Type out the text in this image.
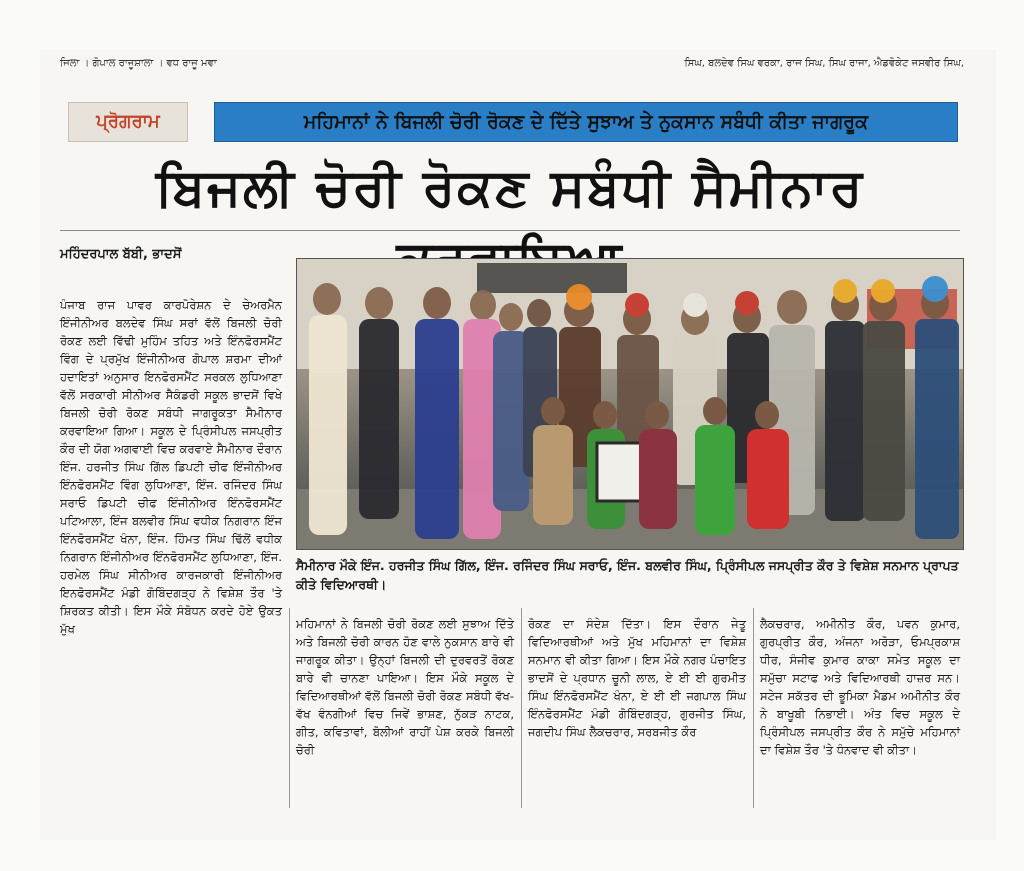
ਜਿਲਾ । ਗੋਪਾਲ ਰਾਜੂਸ਼ਾਲਾ । ਵਧ ਰਾਜੂ ਮਵਾ	ਸਿਘ, ਬਲਦੇਵ ਸਿਘ ਵਰਕਾ, ਰਾਜ ਸਿਘ, ਸਿਘ ਰਾਜਾ, ਐਡਵੋਕੇਟ ਜਸਵੀਰ ਸਿਘ,
ਪ੍ਰੋਗਰਾਮ	ਮਹਿਮਾਨਾਂ ਨੇ ਬਿਜਲੀ ਚੋਰੀ ਰੋਕਣ ਦੇ ਦਿੱਤੇ ਸੁਝਾਅ ਤੇ ਨੁਕਸਾਨ ਸਬੰਧੀ ਕੀਤਾ ਜਾਗਰੂਕ
ਬਿਜਲੀ ਚੋਰੀ ਰੋਕਣ ਸਬੰਧੀ ਸੈਮੀਨਾਰ
ਮਹਿੰਦਰਪਾਲ ਬੱਬੀ, ਭਾਦਸੋਂ
ਸੈਮੀਨਾਰ ਮੌਕੇ ਇੰਜ. ਹਰਜੀਤ ਸਿੰਘ ਗਿੱਲ, ਇੰਜ. ਰਜਿੰਦਰ ਸਿੰਘ ਸਰਾਓ, ਇੰਜ. ਬਲਵੀਰ ਸਿੰਘ, ਪ੍ਰਿੰਸੀਪਲ ਜਸਪ੍ਰੀਤ ਕੌਰ ਤੇ ਵਿਸ਼ੇਸ਼ ਸਨਮਾਨ ਪ੍ਰਾਪਤ ਕੀਤੇ ਵਿਦਿਆਰਥੀ।
ਪੰਜਾਬ ਰਾਜ ਪਾਵਰ ਕਾਰਪੋਰੇਸ਼ਨ ਦੇ ਚੇਅਰਮੈਨ ਇੰਜੀਨੀਅਰ ਬਲਦੇਵ ਸਿੰਘ ਸਰਾਂ ਵੱਲੋਂ ਬਿਜਲੀ ਚੋਰੀ ਰੋਕਣ ਲਈ ਵਿੱਢੀ ਮੁਹਿੰਮ ਤਹਿਤ ਅਤੇ ਇੰਨਫੋਰਸਮੈਂਟ ਵਿੰਗ ਦੇ ਪ੍ਰਮੁੱਖ ਇੰਜੀਨੀਅਰ ਗੋਪਾਲ ਸ਼ਰਮਾ ਦੀਆਂ ਹਦਾਇਤਾਂ ਅਨੁਸਾਰ ਇਨਫੋਰਸਮੈਂਟ ਸਰਕਲ ਲੁਧਿਆਣਾ ਵੱਲੋਂ ਸਰਕਾਰੀ ਸੀਨੀਅਰ ਸੈਕੰਡਰੀ ਸਕੂਲ ਭਾਦਸੋਂ ਵਿਖੇ ਬਿਜਲੀ ਚੋਰੀ ਰੋਕਣ ਸਬੰਧੀ ਜਾਗਰੂਕਤਾ ਸੈਮੀਨਾਰ ਕਰਵਾਇਆ ਗਿਆ। ਸਕੂਲ ਦੇ ਪ੍ਰਿੰਸੀਪਲ ਜਸਪ੍ਰੀਤ ਕੌਰ ਦੀ ਯੋਗ ਅਗਵਾਈ ਵਿਚ ਕਰਵਾਏ ਸੈਮੀਨਾਰ ਦੌਰਾਨ ਇੰਜ. ਹਰਜੀਤ ਸਿੰਘ ਗਿੱਲ ਡਿਪਟੀ ਚੀਫ ਇੰਜੀਨੀਅਰ ਇੰਨਫੋਰਸਮੈਂਟ ਵਿੰਗ ਲੁਧਿਆਣਾ, ਇੰਜ. ਰਜਿੰਦਰ ਸਿੰਘ ਸਰਾਓ ਡਿਪਟੀ ਚੀਫ ਇੰਜੀਨੀਅਰ ਇੰਨਫੋਰਸਮੈਂਟ ਪਟਿਆਲਾ, ਇੰਜ ਬਲਵੀਰ ਸਿੰਘ ਵਧੀਕ ਨਿਗਰਾਨ ਇੰਜ ਇੰਨਫੋਰਸਮੈਂਟ ਖੰਨਾ, ਇੰਜ. ਹਿੰਮਤ ਸਿੰਘ ਢਿੱਲੋਂ ਵਧੀਕ ਨਿਗਰਾਨ ਇੰਜੀਨੀਅਰ ਇੰਨਫੋਰਸਮੈਂਟ ਲੁਧਿਆਣਾ, ਇੰਜ. ਹਰਮੇਲ ਸਿੰਘ ਸੀਨੀਅਰ ਕਾਰਜਕਾਰੀ ਇੰਜੀਨੀਅਰ ਇਨਫੋਰਸਮੈਂਟ ਮੰਡੀ ਗੋਬਿੰਦਗੜ੍ਹ ਨੇ ਵਿਸ਼ੇਸ਼ ਤੌਰ 'ਤੇ ਸ਼ਿਰਕਤ ਕੀਤੀ। ਇਸ ਮੌਕੇ ਸੰਬੋਧਨ ਕਰਦੇ ਹੋਏ ਉਕਤ ਮੁੱਖ	ਮਹਿਮਾਨਾਂ ਨੇ ਬਿਜਲੀ ਚੋਰੀ ਰੋਕਣ ਲਈ ਸੁਝਾਅ ਦਿੱਤੇ ਅਤੇ ਬਿਜਲੀ ਚੋਰੀ ਕਾਰਨ ਹੋਣ ਵਾਲੇ ਨੁਕਸਾਨ ਬਾਰੇ ਵੀ ਜਾਗਰੂਕ ਕੀਤਾ। ਉਨ੍ਹਾਂ ਬਿਜਲੀ ਦੀ ਦੁਰਵਰਤੋਂ ਰੋਕਣ ਬਾਰੇ ਵੀ ਚਾਨਣਾ ਪਾਇਆ। ਇਸ ਮੌਕੇ ਸਕੂਲ ਦੇ ਵਿਦਿਆਰਥੀਆਂ ਵੱਲੋਂ ਬਿਜਲੀ ਚੋਰੀ ਰੋਕਣ ਸਬੰਧੀ ਵੱਖ-ਵੱਖ ਵੰਨਗੀਆਂ ਵਿਚ ਜਿਵੇਂ ਭਾਸ਼ਣ, ਨੁੱਕੜ ਨਾਟਕ, ਗੀਤ, ਕਵਿਤਾਵਾਂ, ਬੋਲੀਆਂ ਰਾਹੀਂ ਪੇਸ਼ ਕਰਕੇ ਬਿਜਲੀ ਚੋਰੀ
ਰੋਕਣ ਦਾ ਸੰਦੇਸ਼ ਦਿੱਤਾ। ਇਸ ਦੌਰਾਨ ਜੇਤੂ ਵਿਦਿਆਰਥੀਆਂ ਅਤੇ ਮੁੱਖ ਮਹਿਮਾਨਾਂ ਦਾ ਵਿਸ਼ੇਸ਼ ਸਨਮਾਨ ਵੀ ਕੀਤਾ ਗਿਆ। ਇਸ ਮੌਕੇ ਨਗਰ ਪੰਚਾਇਤ ਭਾਦਸੋਂ ਦੇ ਪ੍ਰਧਾਨ ਚੂਨੀ ਲਾਲ, ਏ ਈ ਈ ਗੁਰਮੀਤ ਸਿੰਘ ਇੰਨਫੋਰਸਮੈਂਟ ਖੰਨਾ, ਏ ਈ ਈ ਜਗਪਾਲ ਸਿੰਘ ਇੰਨਫੋਰਸਮੈਂਟ ਮੰਡੀ ਗੋਬਿੰਦਗੜ੍ਹ, ਗੁਰਜੀਤ ਸਿੰਘ, ਜਗਦੀਪ ਸਿੰਘ ਲੈਕਚਰਾਰ, ਸਰਬਜੀਤ ਕੌਰ
ਲੈਕਚਰਾਰ, ਅਮੀਨੀਤ ਕੌਰ, ਪਵਨ ਕੁਮਾਰ, ਗੁਰਪ੍ਰੀਤ ਕੌਰ, ਅੰਜਨਾ ਅਰੋੜਾ, ਓਮਪ੍ਰਕਾਸ਼ ਧੀਰ, ਸੰਜੀਵ ਕੁਮਾਰ ਕਾਕਾ ਸਮੇਤ ਸਕੂਲ ਦਾ ਸਮੁੱਚਾ ਸਟਾਫ ਅਤੇ ਵਿਦਿਆਰਥੀ ਹਾਜ਼ਰ ਸਨ। ਸਟੇਜ ਸਕੱਤਰ ਦੀ ਭੂਮਿਕਾ ਮੈਡਮ ਅਮੀਨੀਤ ਕੌਰ ਨੇ ਬਾਖੂਬੀ ਨਿਭਾਈ। ਅੰਤ ਵਿਚ ਸਕੂਲ ਦੇ ਪ੍ਰਿੰਸੀਪਲ ਜਸਪ੍ਰੀਤ ਕੌਰ ਨੇ ਸਮੁੱਚੇ ਮਹਿਮਾਨਾਂ ਦਾ ਵਿਸ਼ੇਸ਼ ਤੌਰ 'ਤੇ ਧੰਨਵਾਦ ਵੀ ਕੀਤਾ।
